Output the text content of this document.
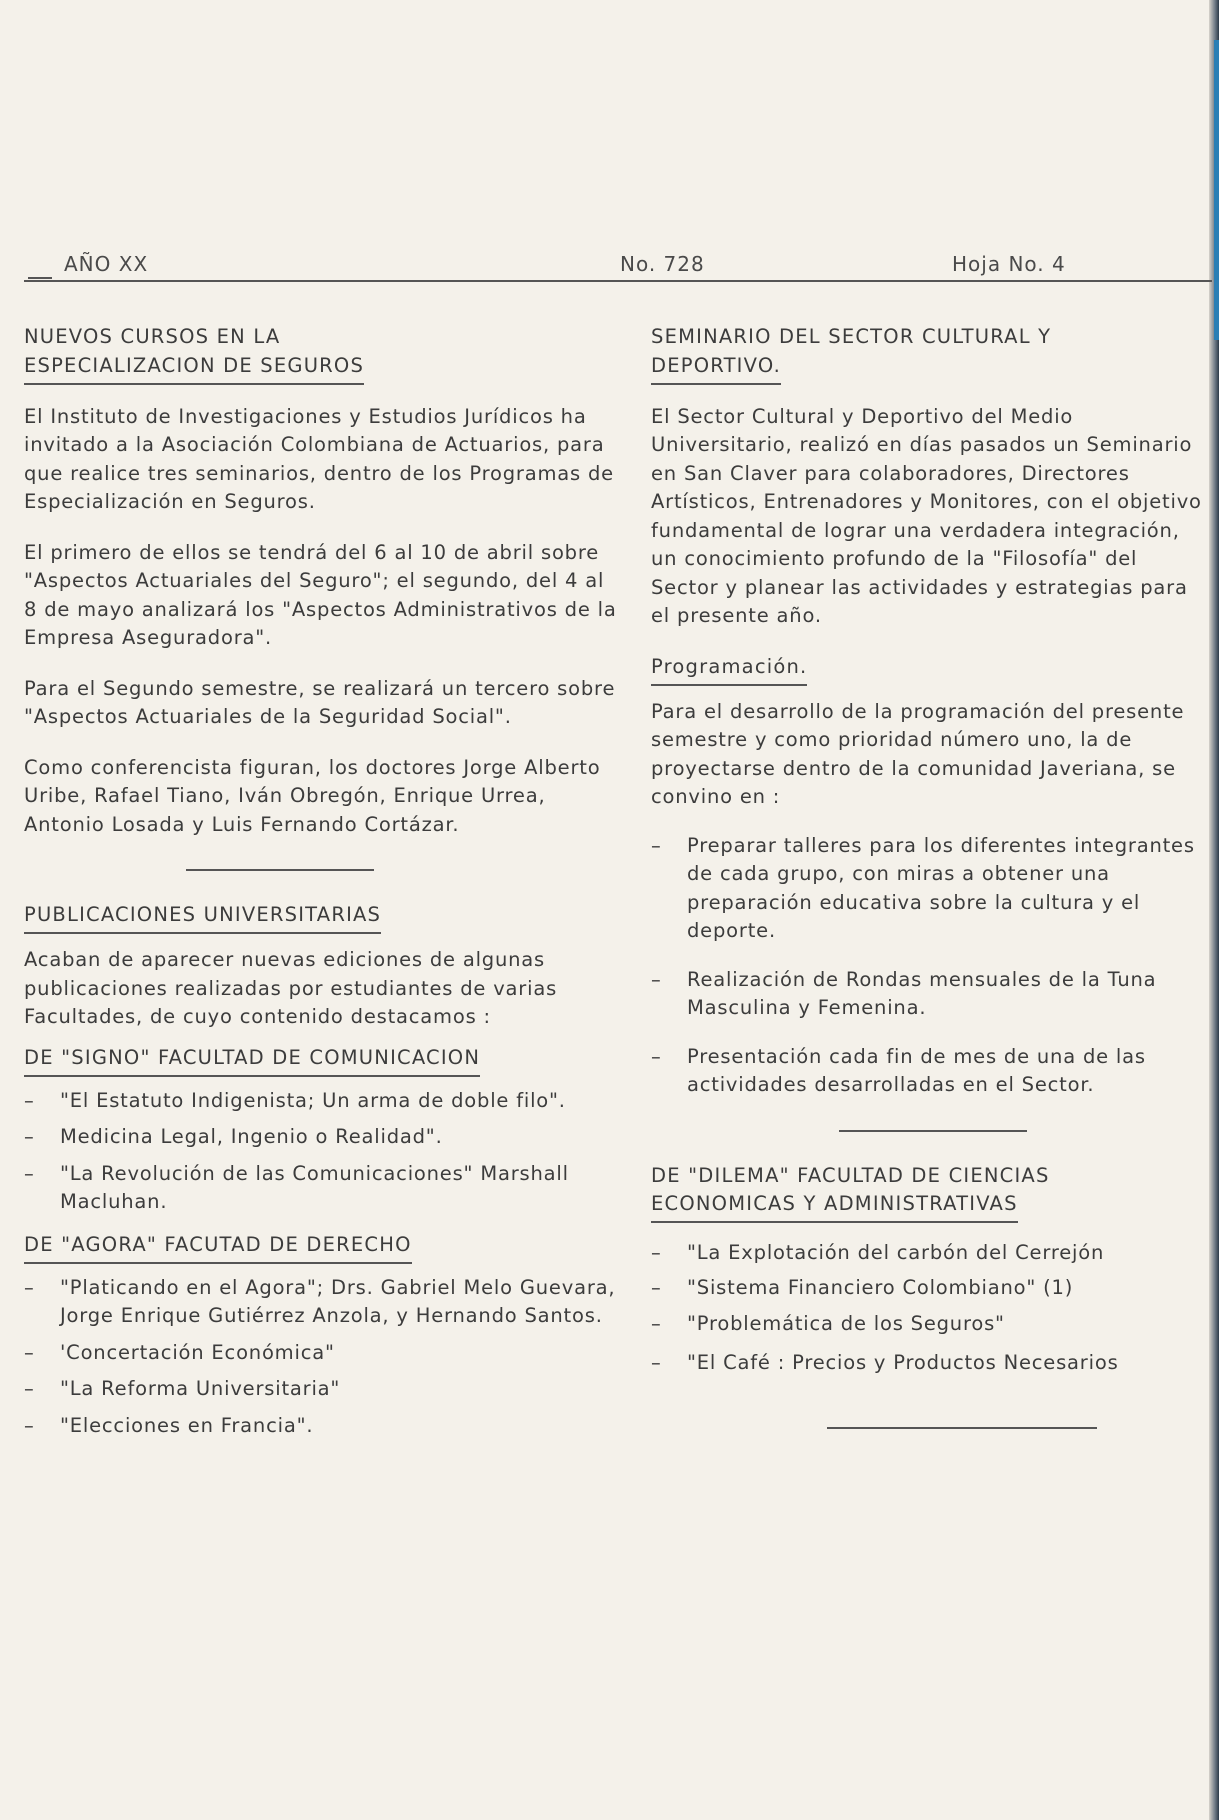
AÑO XX	No. 728	Hoja No. 4
NUEVOS CURSOS EN LA
ESPECIALIZACION DE SEGUROS

El Instituto de Investigaciones y Estudios Jurídicos ha invitado a la Asociación Colombiana de Actuarios, para que realice tres seminarios, dentro de los Programas de Especialización en Seguros.

El primero de ellos se tendrá del 6 al 10 de abril sobre "Aspectos Actuariales del Seguro"; el segundo, del 4 al 8 de mayo analizará los "Aspectos Administrativos de la Empresa Aseguradora".

Para el Segundo semestre, se realizará un tercero sobre "Aspectos Actuariales de la Seguridad Social".

Como conferencista figuran, los doctores Jorge Alberto Uribe, Rafael Tiano, Iván Obregón, Enrique Urrea, Antonio Losada y Luis Fernando Cortázar.

PUBLICACIONES UNIVERSITARIAS

Acaban de aparecer nuevas ediciones de algunas publicaciones realizadas por estudiantes de varias Facultades, de cuyo contenido destacamos :

DE "SIGNO" FACULTAD DE COMUNICACION
– "El Estatuto Indigenista; Un arma de doble filo".
– Medicina Legal, Ingenio o Realidad".
– "La Revolución de las Comunicaciones" Marshall Macluhan.
DE "AGORA" FACUTAD DE DERECHO
– "Platicando en el Agora"; Drs. Gabriel Melo Guevara, Jorge Enrique Gutiérrez Anzola, y Hernando Santos.
– 'Concertación Económica"
– "La Reforma Universitaria"
– "Elecciones en Francia".
SEMINARIO DEL SECTOR CULTURAL Y
DEPORTIVO.

El Sector Cultural y Deportivo del Medio Universitario, realizó en días pasados un Seminario en San Claver para colaboradores, Directores Artísticos, Entrenadores y Monitores, con el objetivo fundamental de lograr una verdadera integración, un conocimiento profundo de la "Filosofía" del Sector y planear las actividades y estrategias para el presente año.

Programación.

Para el desarrollo de la programación del presente semestre y como prioridad número uno, la de proyectarse dentro de la comunidad Javeriana, se convino en :

– Preparar talleres para los diferentes integrantes de cada grupo, con miras a obtener una preparación educativa sobre la cultura y el deporte.
– Realización de Rondas mensuales de la Tuna Masculina y Femenina.
– Presentación cada fin de mes de una de las actividades desarrolladas en el Sector.
DE "DILEMA" FACULTAD DE CIENCIAS
ECONOMICAS Y ADMINISTRATIVAS
– "La Explotación del carbón del Cerrejón
– "Sistema Financiero Colombiano" (1)
– "Problemática de los Seguros"
– "El Café : Precios y Productos Necesarios
